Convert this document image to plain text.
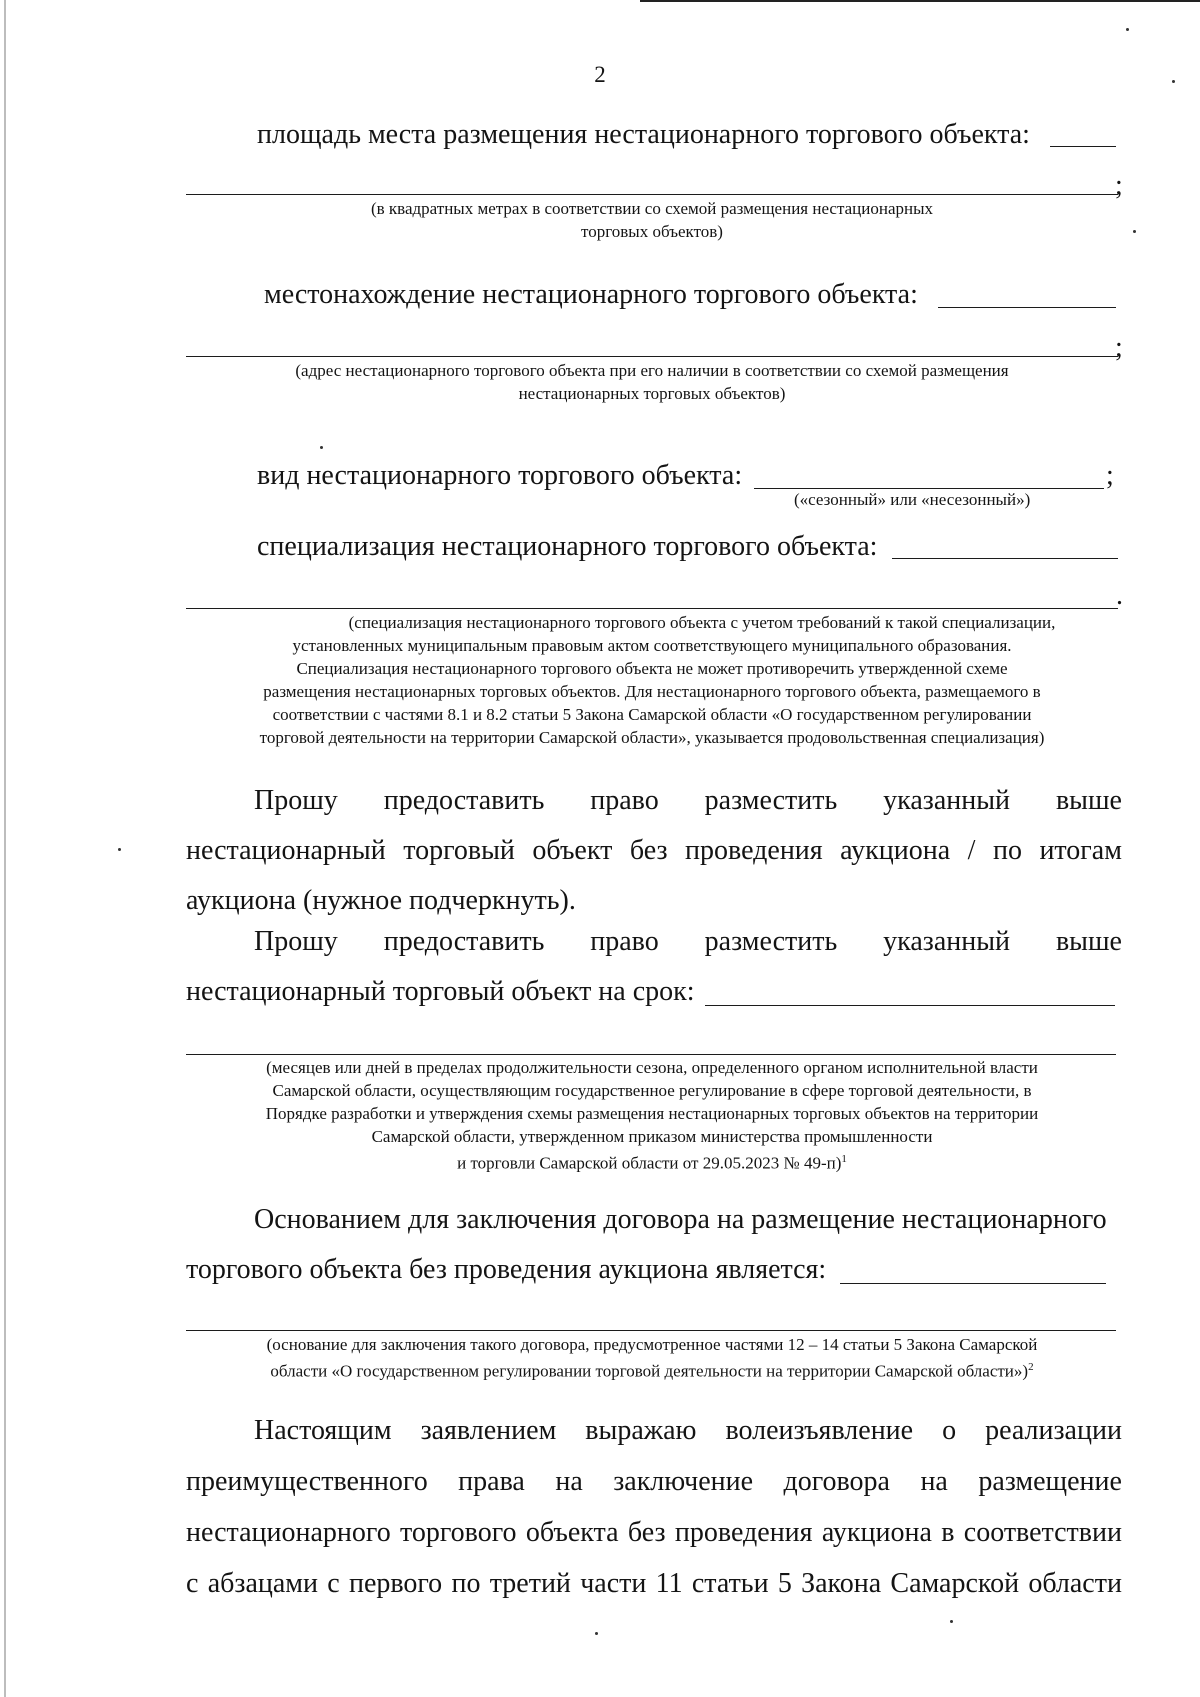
2
площадь места размещения нестационарного торгового объекта:
;
(в квадратных метрах в соответствии со схемой размещения нестационарных
торговых объектов)
местонахождение нестационарного торгового объекта:
;
(адрес нестационарного торгового объекта при его наличии в соответствии со схемой размещения
нестационарных торговых объектов)
вид нестационарного торгового объекта:	;
(«сезонный» или «несезонный»)
специализация нестационарного торгового объекта:
.
(специализация нестационарного торгового объекта с учетом требований к такой специализации,
установленных муниципальным правовым актом соответствующего муниципального образования.
Специализация нестационарного торгового объекта не может противоречить утвержденной схеме
размещения нестационарных торговых объектов. Для нестационарного торгового объекта, размещаемого в
соответствии с частями 8.1 и 8.2 статьи 5 Закона Самарской области «О государственном регулировании
торговой деятельности на территории Самарской области», указывается продовольственная специализация)

Прошу предоставить право разместить указанный выше

нестационарный торговый объект без проведения аукциона / по итогам

аукциона (нужное подчеркнуть).

Прошу предоставить право разместить указанный выше

нестационарный торговый объект на срок:

(месяцев или дней в пределах продолжительности сезона, определенного органом исполнительной власти
Самарской области, осуществляющим государственное регулирование в сфере торговой деятельности, в
Порядке разработки и утверждения схемы размещения нестационарных торговых объектов на территории
Самарской области, утвержденном приказом министерства промышленности
и торговли Самарской области от 29.05.2023 № 49-п)$^1$

Основанием для заключения договора на размещение нестационарного

торгового объекта без проведения аукциона является:

(основание для заключения такого договора, предусмотренное частями 12 – 14 статьи 5 Закона Самарской
области «О государственном регулировании торговой деятельности на территории Самарской области»)$^2$

Настоящим заявлением выражаю волеизъявление о реализации

преимущественного права на заключение договора на размещение

нестационарного торгового объекта без проведения аукциона в соответствии

с абзацами с первого по третий части 11 статьи 5 Закона Самарской области
